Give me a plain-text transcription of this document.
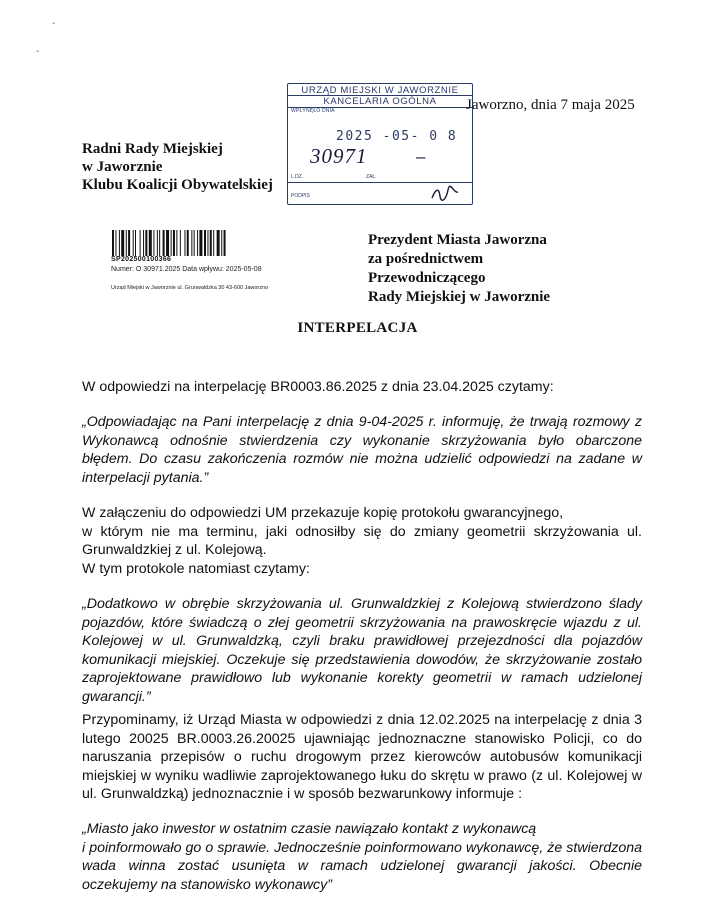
-
-
URZĄD MIEJSKI W JAWORZNIE
KANCELARIA OGÓLNA
WPŁYNĘŁO DNIA
2025 -05- 0 8
30971	–
L.DZ.	ZAŁ.
PODPIS
Jaworzno, dnia 7 maja 2025
Radni Rady Miejskiej
w Jaworznie
Klubu Koalicji Obywatelskiej
SP202500100366
Numer: O 30971.2025 Data wpływu: 2025-05-08
Urząd Miejski w Jaworznie ul. Grunwaldzka 30 43-600 Jaworzno
Prezydent Miasta Jaworzna
za pośrednictwem
Przewodniczącego
Rady Miejskiej w Jaworznie
INTERPELACJA
W odpowiedzi na interpelację BR0003.86.2025 z dnia 23.04.2025 czytamy:
„Odpowiadając na Pani interpelację z dnia 9-04-2025 r. informuję, że trwają rozmowy z Wykonawcą odnośnie stwierdzenia czy wykonanie skrzyżowania było obarczone błędem. Do czasu zakończenia rozmów nie można udzielić odpowiedzi na zadane w interpelacji pytania.”
W załączeniu do odpowiedzi UM przekazuje kopię protokołu gwarancyjnego,
w którym nie ma terminu, jaki odnosiłby się do zmiany geometrii skrzyżowania ul. Grunwaldzkiej z ul. Kolejową.
W tym protokole natomiast czytamy:
„Dodatkowo w obrębie skrzyżowania ul. Grunwaldzkiej z Kolejową stwierdzono ślady pojazdów, które świadczą o złej geometrii skrzyżowania na prawoskręcie wjazdu z ul. Kolejowej w ul. Grunwaldzką, czyli braku prawidłowej przejezdności dla pojazdów komunikacji miejskiej. Oczekuje się przedstawienia dowodów, że skrzyżowanie zostało zaprojektowane prawidłowo lub wykonanie korekty geometrii w ramach udzielonej gwarancji.”
Przypominamy, iż Urząd Miasta w odpowiedzi z dnia 12.02.2025 na interpelację z dnia 3 lutego 20025 BR.0003.26.20025 ujawniając jednoznaczne stanowisko Policji, co do naruszania przepisów o ruchu drogowym przez kierowców autobusów komunikacji miejskiej w wyniku wadliwie zaprojektowanego łuku do skrętu w prawo (z ul. Kolejowej w ul. Grunwaldzką) jednoznacznie i w sposób bezwarunkowy informuje :
„Miasto jako inwestor w ostatnim czasie nawiązało kontakt z wykonawcą
i poinformowało go o sprawie. Jednocześnie poinformowano wykonawcę, że stwierdzona wada winna zostać usunięta w ramach udzielonej gwarancji jakości. Obecnie oczekujemy na stanowisko wykonawcy”
